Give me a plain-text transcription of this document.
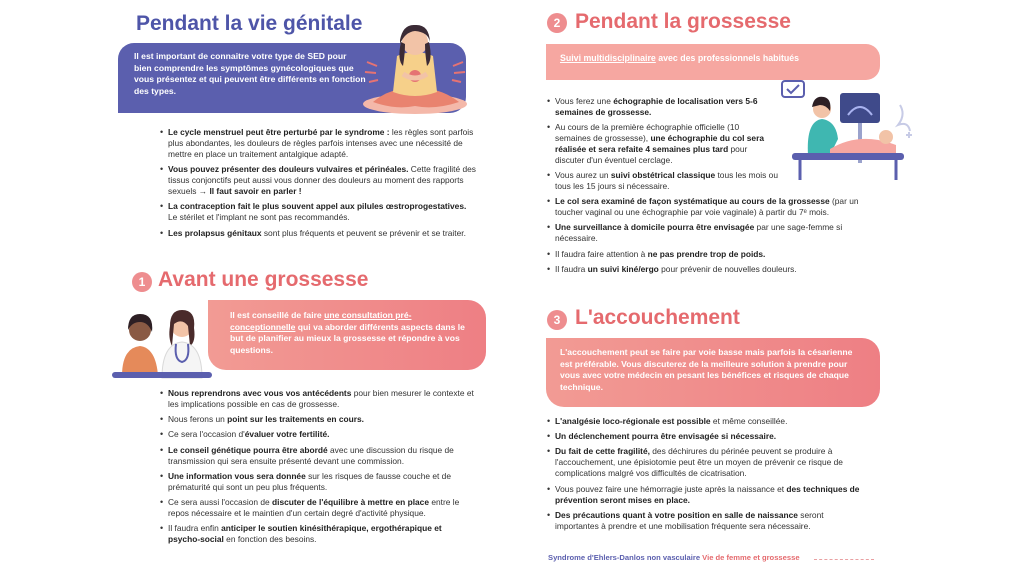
Pendant la vie génitale
Il est important de connaitre votre type de SED pour bien comprendre les symptômes gynécologiques que vous présentez et qui peuvent être différents en fonction des types.
• Le cycle menstruel peut être perturbé par le syndrome : les règles sont parfois plus abondantes, les douleurs de règles parfois intenses avec une nécessité de mettre en place un traitement antalgique adapté.
• Vous pouvez présenter des douleurs vulvaires et périnéales. Cette fragilité des tissus conjonctifs peut aussi vous donner des douleurs au moment des rapports sexuels → Il faut savoir en parler !
• La contraception fait le plus souvent appel aux pilules œstroprogestatives. Le stérilet et l'implant ne sont pas recommandés.
• Les prolapsus génitaux sont plus fréquents et peuvent se prévenir et se traiter.
1 Avant une grossesse
Il est conseillé de faire une consultation pré-conceptionnelle qui va aborder différents aspects dans le but de planifier au mieux la grossesse et répondre à vos questions.
• Nous reprendrons avec vous vos antécédents pour bien mesurer le contexte et les implications possible en cas de grossesse.
• Nous ferons un point sur les traitements en cours.
• Ce sera l'occasion d'évaluer votre fertilité.
• Le conseil génétique pourra être abordé avec une discussion du risque de transmission qui sera ensuite présenté devant une commission.
• Une information vous sera donnée sur les risques de fausse couche et de prématurité qui sont un peu plus fréquents.
• Ce sera aussi l'occasion de discuter de l'équilibre à mettre en place entre le repos nécessaire et le maintien d'un certain degré d'activité physique.
• Il faudra enfin anticiper le soutien kinésithérapique, ergothérapique et psycho-social en fonction des besoins.
2 Pendant la grossesse
Suivi multidisciplinaire avec des professionnels habitués
• Vous ferez une échographie de localisation vers 5-6 semaines de grossesse.
• Au cours de la première échographie officielle (10 semaines de grossesse), une échographie du col sera réalisée et sera refaite 4 semaines plus tard pour discuter d'un éventuel cerclage.
• Vous aurez un suivi obstétrical classique tous les mois ou tous les 15 jours si nécessaire.
• Le col sera examiné de façon systématique au cours de la grossesse (par un toucher vaginal ou une échographie par voie vaginale) à partir du 7ᵉ mois.
• Une surveillance à domicile pourra être envisagée par une sage-femme si nécessaire.
• Il faudra faire attention à ne pas prendre trop de poids.
• Il faudra un suivi kiné/ergo pour prévenir de nouvelles douleurs.
3 L'accouchement
L'accouchement peut se faire par voie basse mais parfois la césarienne est préférable. Vous discuterez de la meilleure solution à prendre pour vous avec votre médecin en pesant les bénéfices et risques de chaque technique.
• L'analgésie loco-régionale est possible et même conseillée.
• Un déclenchement pourra être envisagée si nécessaire.
• Du fait de cette fragilité, des déchirures du périnée peuvent se produire à l'accouchement, une épisiotomie peut être un moyen de prévenir ce risque de complications malgré vos difficultés de cicatrisation.
• Vous pouvez faire une hémorragie juste après la naissance et des techniques de prévention seront mises en place.
• Des précautions quant à votre position en salle de naissance seront importantes à prendre et une mobilisation fréquente sera nécessaire.
Syndrome d'Ehlers-Danlos non vasculaire Vie de femme et grossesse
